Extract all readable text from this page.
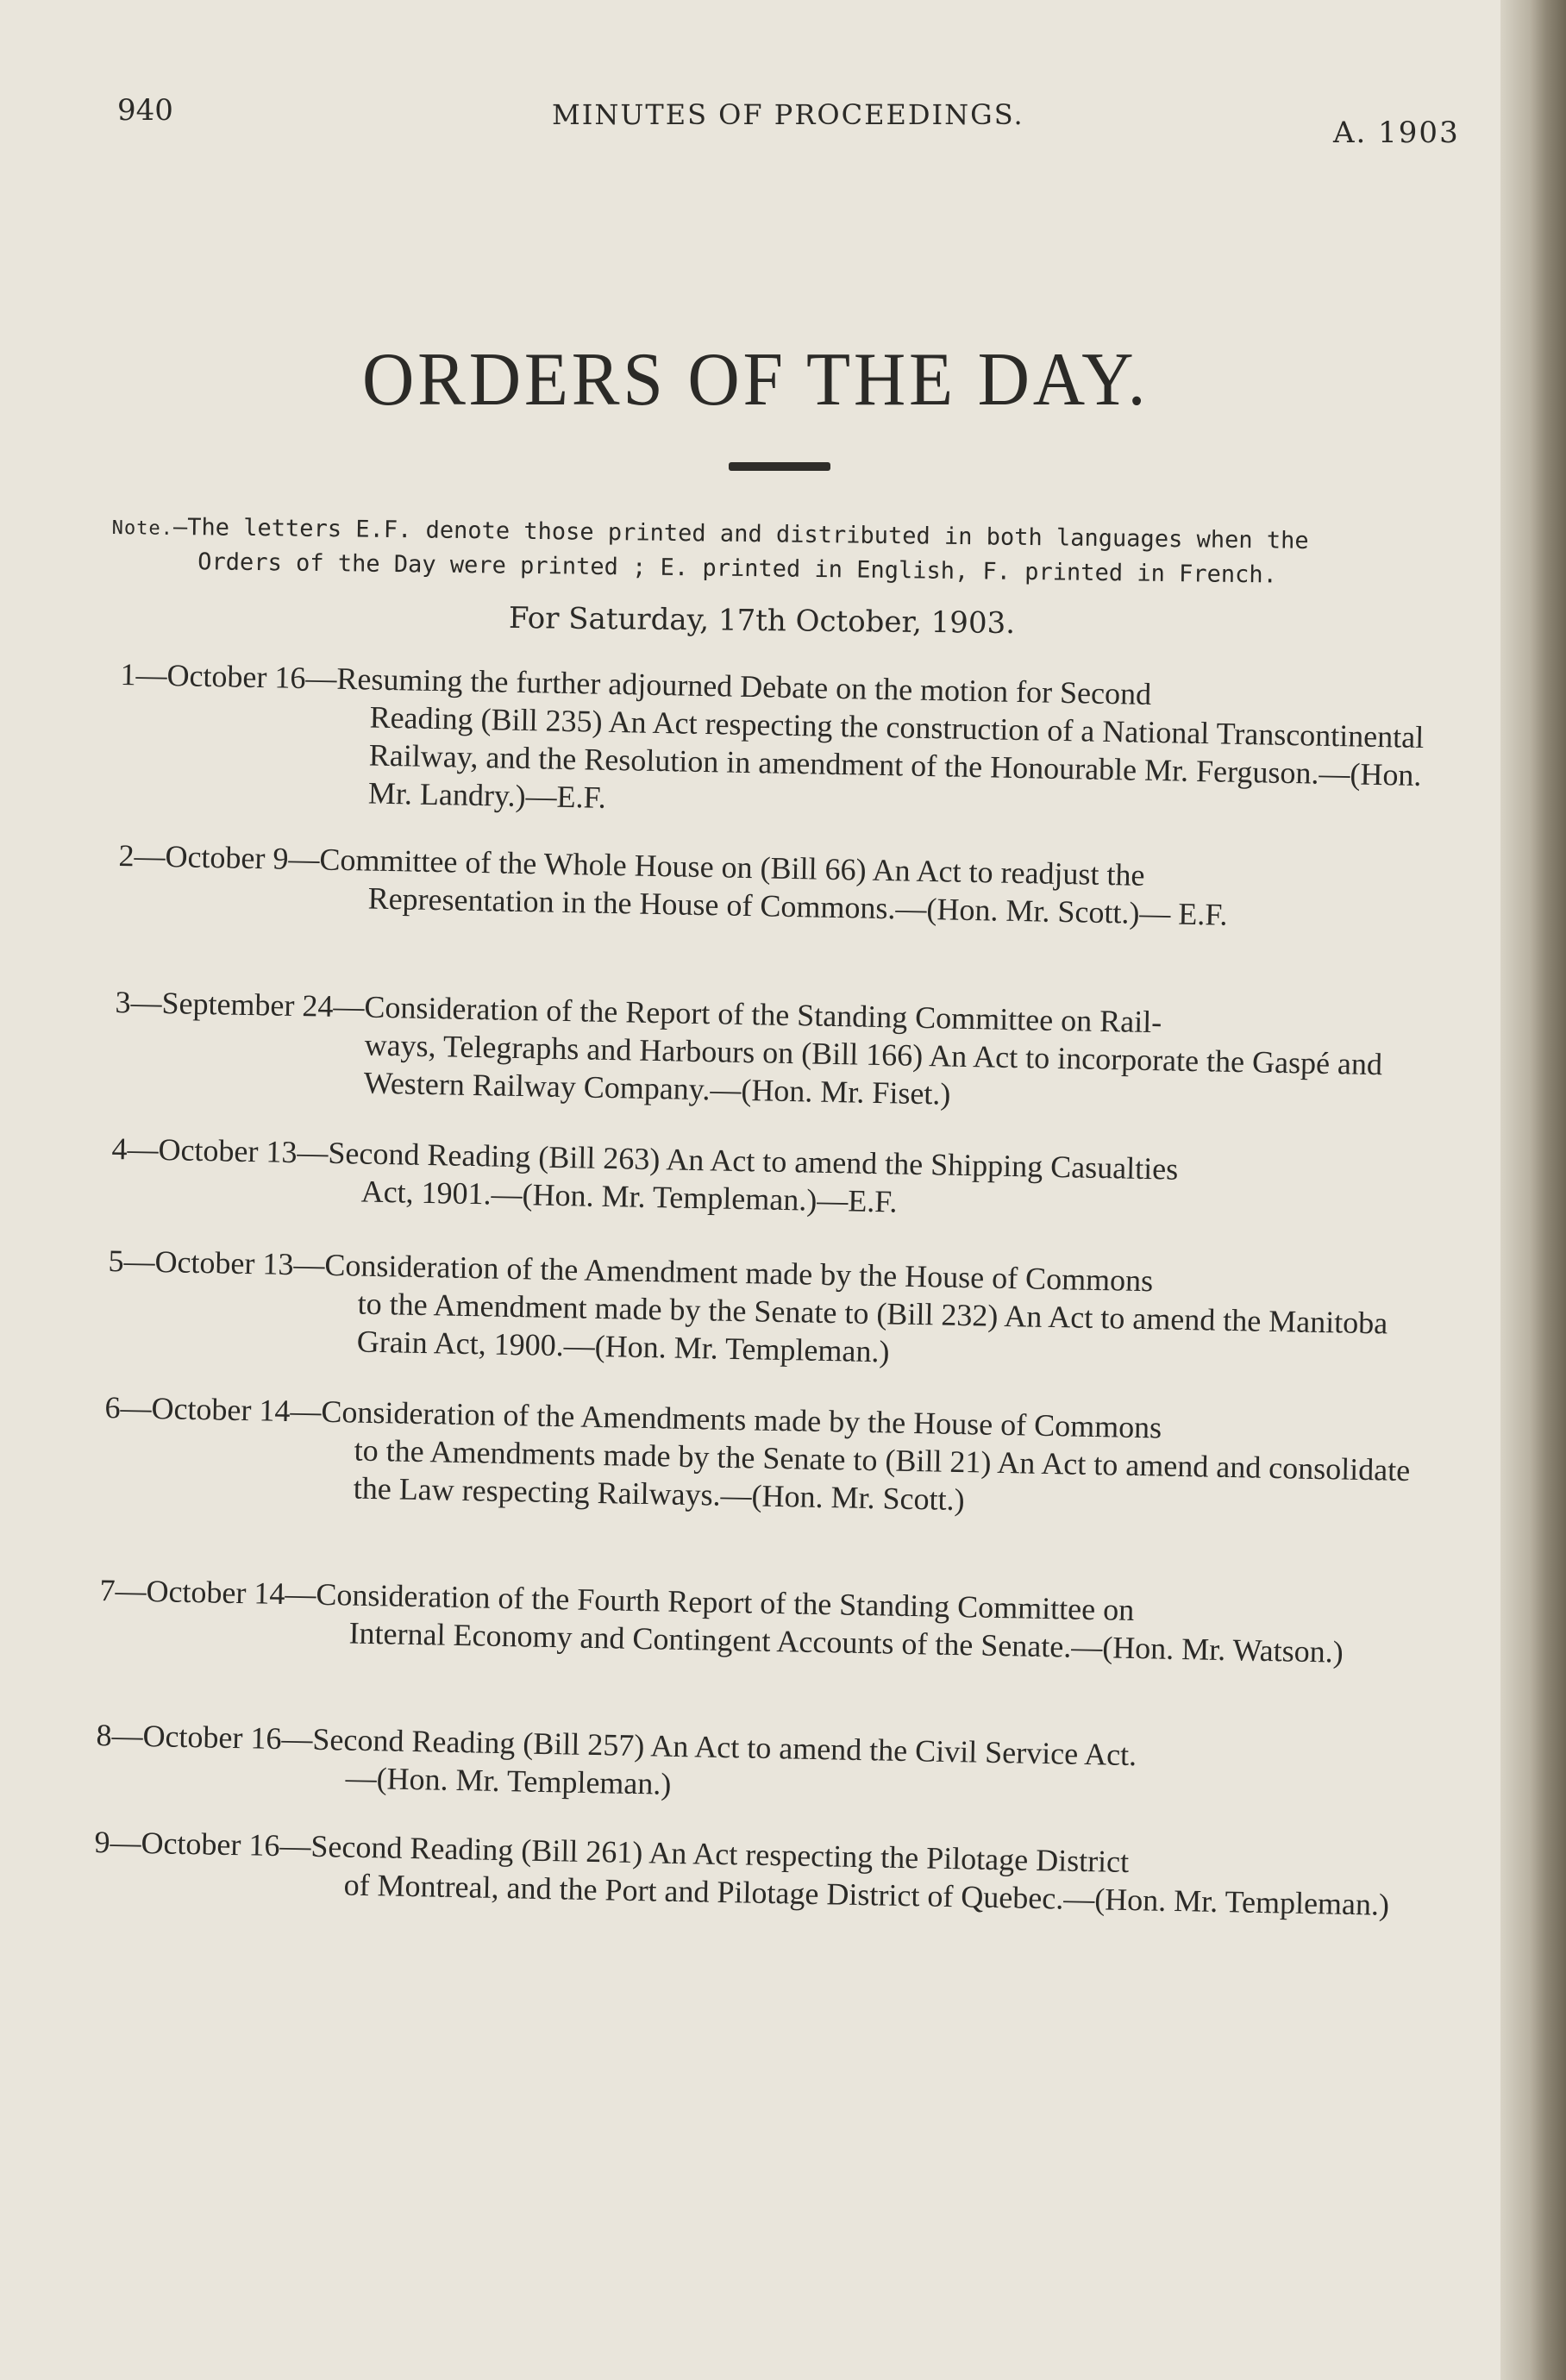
940	MINUTES OF PROCEEDINGS.
A. 1903
ORDERS OF THE DAY.
Note.—The letters E.F. denote those printed and distributed in both languages when the
Orders of the Day were printed ; E. printed in English, F. printed in French.
For Saturday, 17th October, 1903.
1—October 16—Resuming the further adjourned Debate on the motion for Second
Reading (Bill 235) An Act respecting the construction of a National Transcontinental Railway, and the Resolution in amendment of the Honourable Mr. Ferguson.—(Hon. Mr. Landry.)—E.F.
2—October 9—Committee of the Whole House on (Bill 66) An Act to readjust the
Representation in the House of Commons.—(Hon. Mr. Scott.)— E.F.
3—September 24—Consideration of the Report of the Standing Committee on Rail-
ways, Telegraphs and Harbours on (Bill 166) An Act to incorporate the Gaspé and Western Railway Company.—(Hon. Mr. Fiset.)
4—October 13—Second Reading (Bill 263) An Act to amend the Shipping Casualties
Act, 1901.—(Hon. Mr. Templeman.)—E.F.
5—October 13—Consideration of the Amendment made by the House of Commons
to the Amendment made by the Senate to (Bill 232) An Act to amend the Manitoba Grain Act, 1900.—(Hon. Mr. Templeman.)
6—October 14—Consideration of the Amendments made by the House of Commons
to the Amendments made by the Senate to (Bill 21) An Act to amend and consolidate the Law respecting Railways.—(Hon. Mr. Scott.)
7—October 14—Consideration of the Fourth Report of the Standing Committee on
Internal Economy and Contingent Accounts of the Senate.—(Hon. Mr. Watson.)
8—October 16—Second Reading (Bill 257) An Act to amend the Civil Service Act.
—(Hon. Mr. Templeman.)
9—October 16—Second Reading (Bill 261) An Act respecting the Pilotage District
of Montreal, and the Port and Pilotage District of Quebec.—(Hon. Mr. Templeman.)
